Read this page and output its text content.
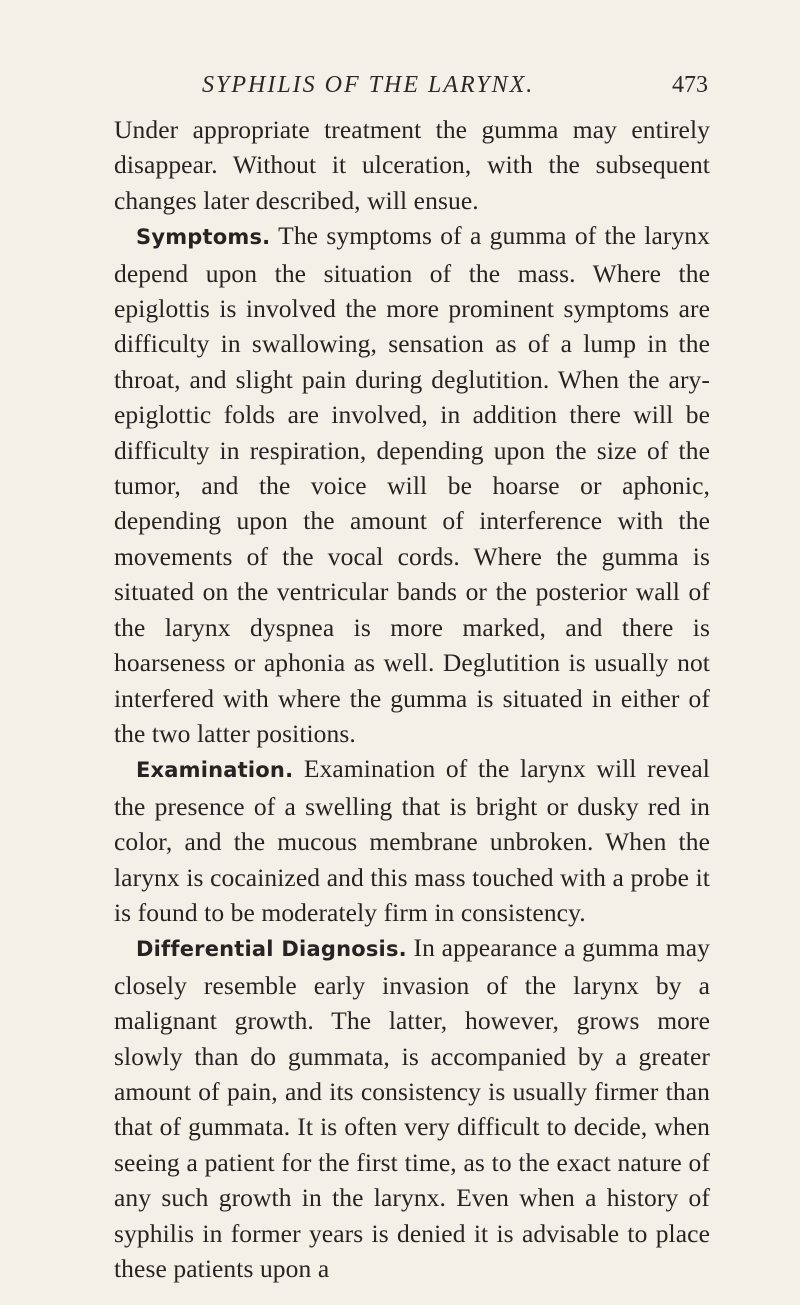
SYPHILIS OF THE LARYNX.	473

Under appropriate treatment the gumma may entirely disappear. Without it ulceration, with the subsequent changes later described, will ensue.

Symptoms. The symptoms of a gumma of the larynx depend upon the situation of the mass. Where the epiglottis is involved the more prominent symptoms are difficulty in swallowing, sensation as of a lump in the throat, and slight pain during deglutition. When the ary-epiglottic folds are involved, in addition there will be difficulty in respiration, depending upon the size of the tumor, and the voice will be hoarse or aphonic, depending upon the amount of interference with the movements of the vocal cords. Where the gumma is situated on the ventricular bands or the posterior wall of the larynx dyspnea is more marked, and there is hoarseness or aphonia as well. Deglutition is usually not interfered with where the gumma is situated in either of the two latter positions.

Examination. Examination of the larynx will reveal the presence of a swelling that is bright or dusky red in color, and the mucous membrane unbroken. When the larynx is cocainized and this mass touched with a probe it is found to be moderately firm in consistency.

Differential Diagnosis. In appearance a gumma may closely resemble early invasion of the larynx by a malignant growth. The latter, however, grows more slowly than do gummata, is accompanied by a greater amount of pain, and its consistency is usually firmer than that of gummata. It is often very difficult to decide, when seeing a patient for the first time, as to the exact nature of any such growth in the larynx. Even when a history of syphilis in former years is denied it is advisable to place these patients upon a
